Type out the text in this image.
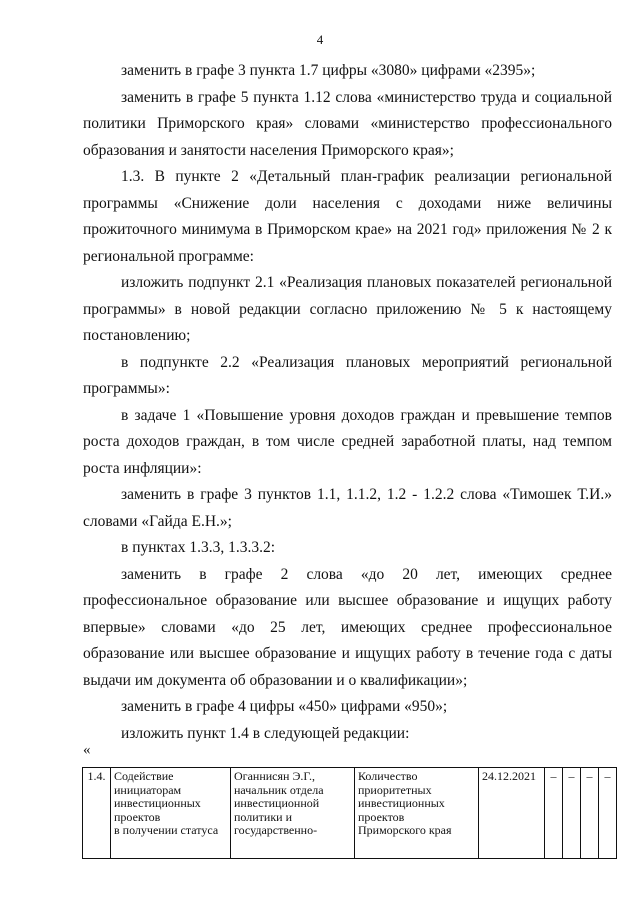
4

заменить в графе 3 пункта 1.7 цифры «3080» цифрами «2395»;

заменить в графе 5 пункта 1.12 слова «министерство труда и социальной политики Приморского края» словами «министерство профессионального образования и занятости населения Приморского края»;

1.3. В пункте 2 «Детальный план-график реализации региональной программы «Снижение доли населения с доходами ниже величины прожиточного минимума в Приморском крае» на 2021 год» приложения № 2 к региональной программе:

изложить подпункт 2.1 «Реализация плановых показателей региональной программы» в новой редакции согласно приложению № 5 к настоящему постановлению;

в подпункте 2.2 «Реализация плановых мероприятий региональной программы»:

в задаче 1 «Повышение уровня доходов граждан и превышение темпов роста доходов граждан, в том числе средней заработной платы, над темпом роста инфляции»:

заменить в графе 3 пунктов 1.1, 1.1.2, 1.2 - 1.2.2 слова «Тимошек Т.И.» словами «Гайда Е.Н.»;

в пунктах 1.3.3, 1.3.3.2:

заменить в графе 2 слова «до 20 лет, имеющих среднее профессиональное образование или высшее образование и ищущих работу впервые» словами «до 25 лет, имеющих среднее профессиональное образование или высшее образование и ищущих работу в течение года с даты выдачи им документа об образовании и о квалификации»;

заменить в графе 4 цифры «450» цифрами «950»;

изложить пункт 1.4 в следующей редакции:

«
1.4.	Содействие
инициаторам
инвестиционных
проектов
в получении статуса

Оганнисян Э.Г.,
начальник отдела
инвестиционной
политики и
государственно-

Количество
приоритетных
инвестиционных
проектов
Приморского края
	24.12.2021	–	–	–	–
